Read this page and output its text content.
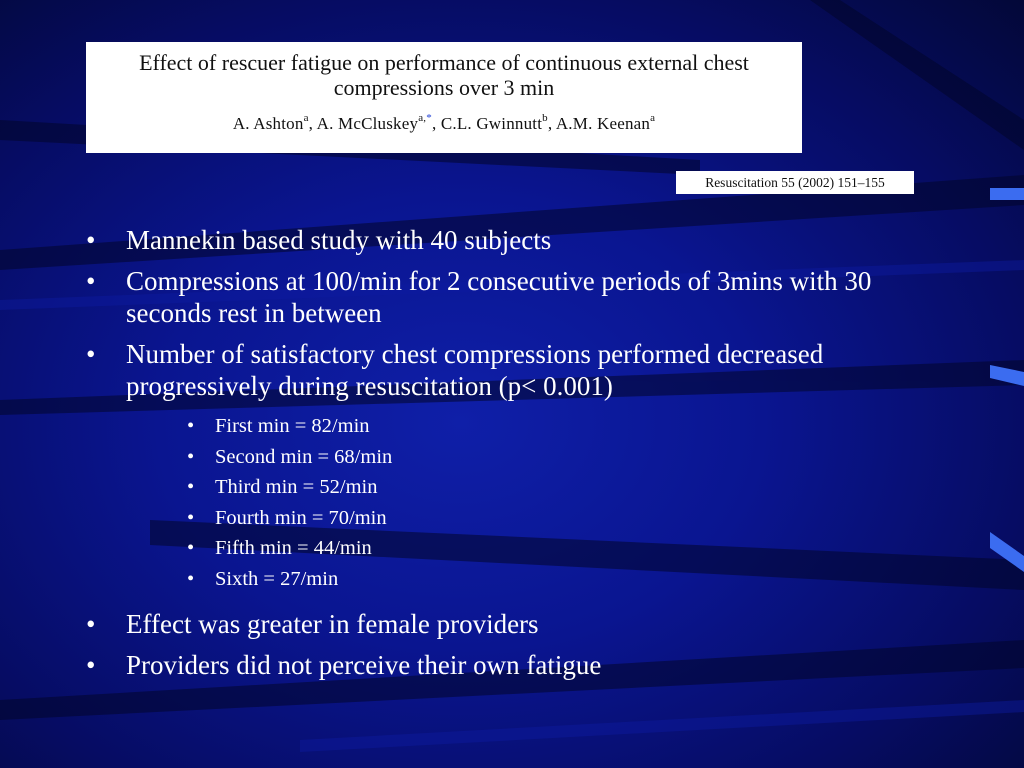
Effect of rescuer fatigue on performance of continuous external chest
compressions over 3 min
A. Ashton$^a$, A. McCluskey$^{a,*}$, C.L. Gwinnutt$^b$, A.M. Keenan$^a$
Resuscitation 55 (2002) 151–155
• Mannekin based study with 40 subjects
• Compressions at 100/min for 2 consecutive periods of 3mins with 30 seconds rest in between
• Number of satisfactory chest compressions performed decreased progressively during resuscitation (p< 0.001)
• First min = 82/min
• Second min = 68/min
• Third min = 52/min
• Fourth min = 70/min
• Fifth min = 44/min
• Sixth = 27/min
• Effect was greater in female providers
• Providers did not perceive their own fatigue
